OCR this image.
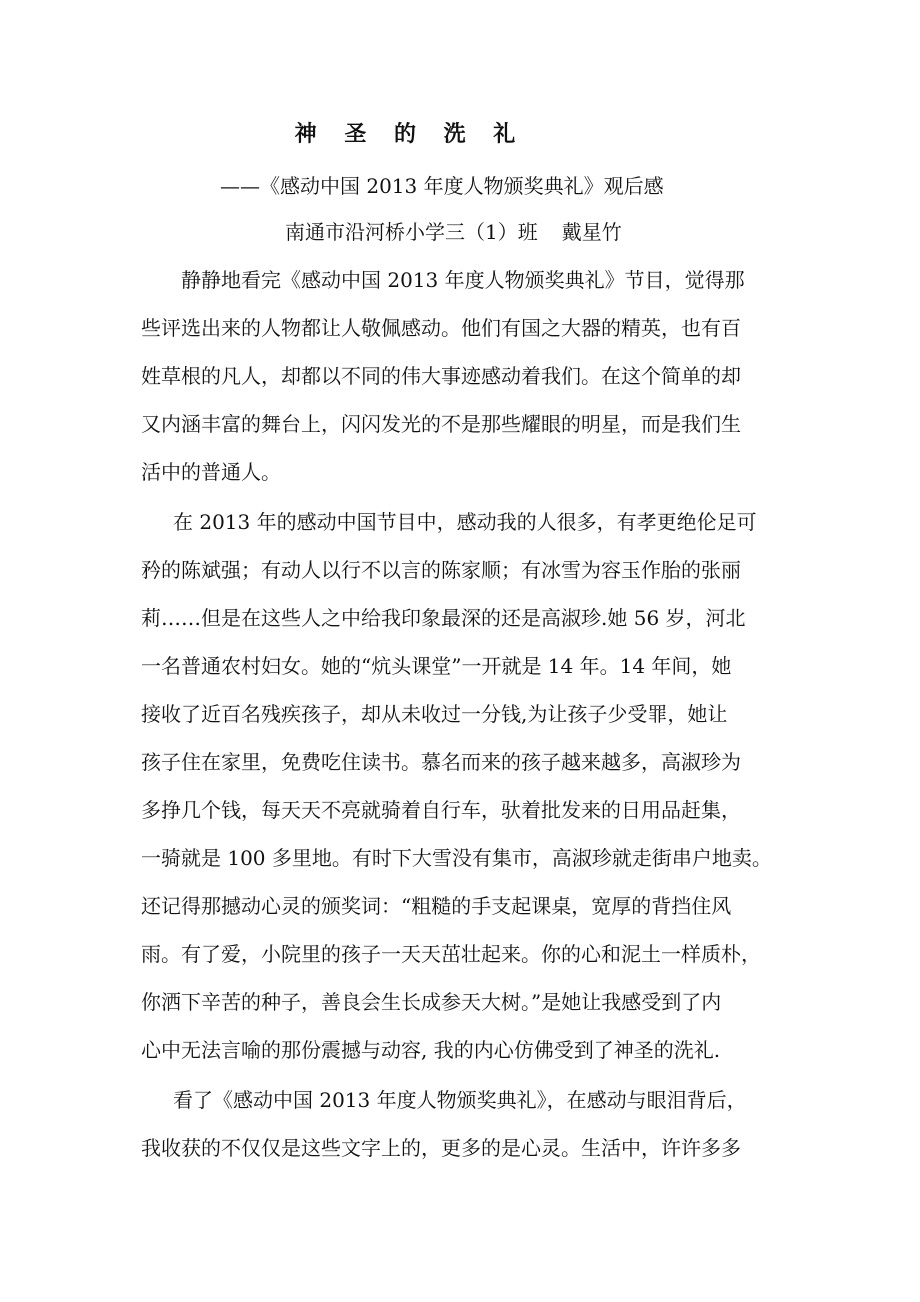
神 圣 的 洗 礼

——《感动中国 2013 年度人物颁奖典礼》观后感

南通市沿河桥小学三（1）班 戴星竹

静静地看完《感动中国 2013 年度人物颁奖典礼》节目，觉得那

些评选出来的人物都让人敬佩感动。他们有国之大器的精英，也有百

姓草根的凡人，却都以不同的伟大事迹感动着我们。在这个简单的却

又内涵丰富的舞台上，闪闪发光的不是那些耀眼的明星，而是我们生

活中的普通人。

在 2013 年的感动中国节目中，感动我的人很多，有孝更绝伦足可

矜的陈斌强；有动人以行不以言的陈家顺；有冰雪为容玉作胎的张丽

莉……但是在这些人之中给我印象最深的还是高淑珍.她 56 岁，河北

一名普通农村妇女。她的“炕头课堂”一开就是 14 年。14 年间，她

接收了近百名残疾孩子，却从未收过一分钱,为让孩子少受罪，她让

孩子住在家里，免费吃住读书。慕名而来的孩子越来越多，高淑珍为

多挣几个钱，每天天不亮就骑着自行车，驮着批发来的日用品赶集，

一骑就是 100 多里地。有时下大雪没有集市，高淑珍就走街串户地卖。

还记得那撼动心灵的颁奖词：“粗糙的手支起课桌，宽厚的背挡住风

雨。有了爱，小院里的孩子一天天茁壮起来。你的心和泥土一样质朴，

你洒下辛苦的种子，善良会生长成参天大树。”是她让我感受到了内

心中无法言喻的那份震撼与动容, 我的内心仿佛受到了神圣的洗礼.

看了《感动中国 2013 年度人物颁奖典礼》，在感动与眼泪背后，

我收获的不仅仅是这些文字上的，更多的是心灵。生活中，许许多多
